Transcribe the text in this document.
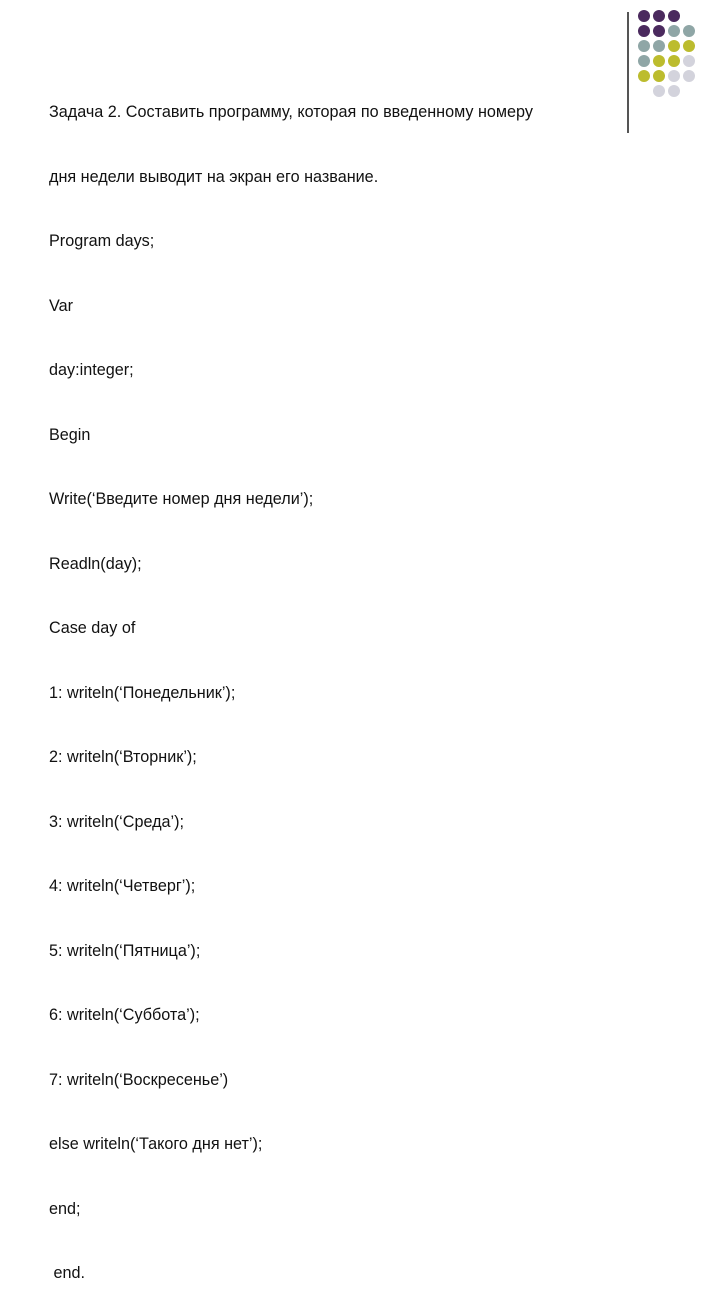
Задача 2. Составить программу, которая по введенному номеру

дня недели выводит на экран его название.

Program days;

Var

day:integer;

Begin

Write(‘Введите номер дня недели’);

Readln(day);

Case day of

1: writeln(‘Понедельник’);

2: writeln(‘Вторник’);

3: writeln(‘Среда’);

4: writeln(‘Четверг’);

5: writeln(‘Пятница’);

6: writeln(‘Суббота’);

7: writeln(‘Воскресенье’)

else writeln(‘Такого дня нет’);

end;

end.
